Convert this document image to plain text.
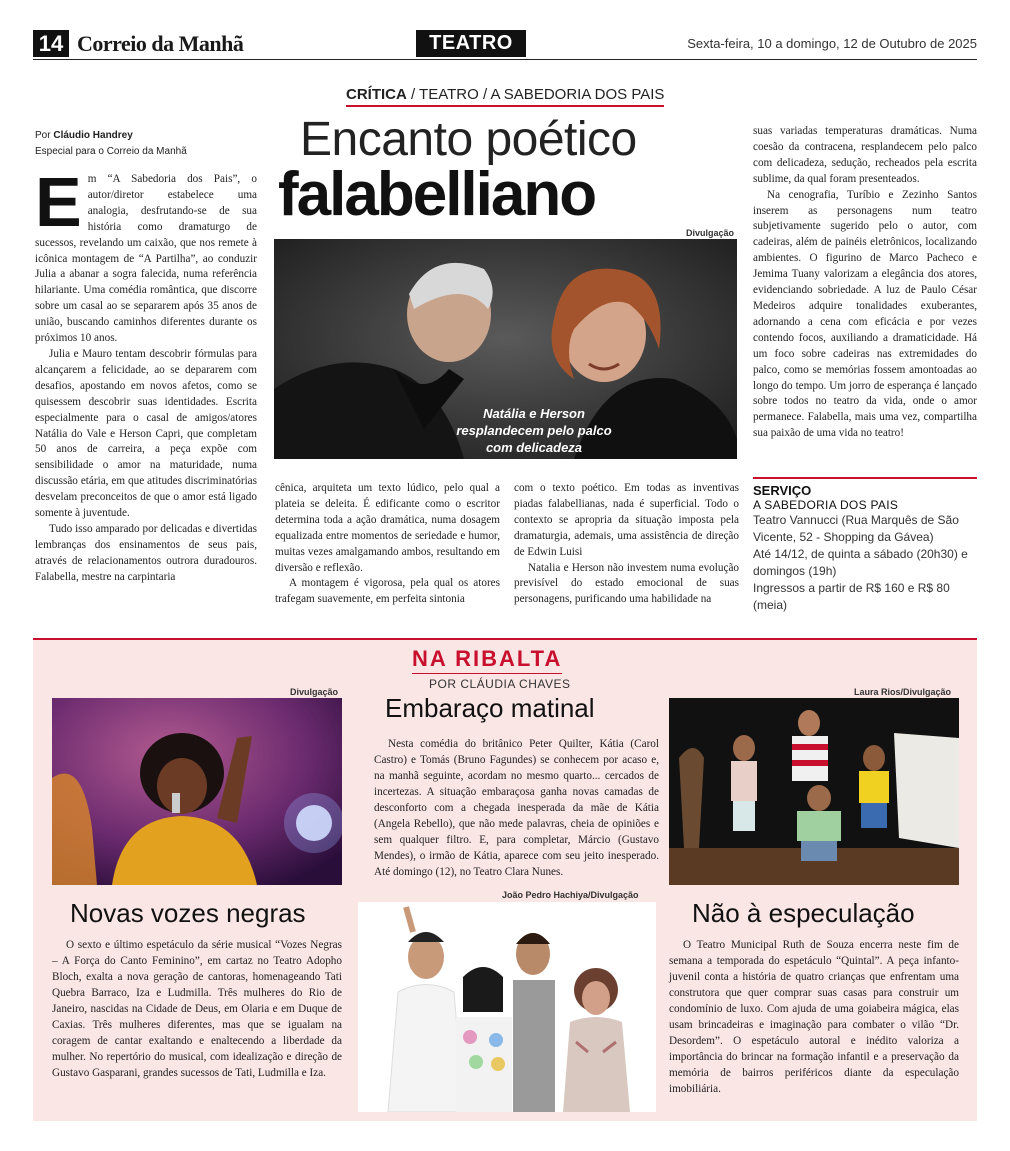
14 Correio da Manhã	TEATRO	Sexta-feira, 10 a domingo, 12 de Outubro de 2025
CRÍTICA / TEATRO / A SABEDORIA DOS PAIS
Encanto poético
falabelliano
Por Cláudio Handrey
Especial para o Correio da Manhã

Em “A Sabedoria dos Pais”, o autor/diretor estabelece uma analogia, desfrutando-se de sua história como dramaturgo de sucessos, revelando um caixão, que nos remete à icônica montagem de “A Partilha”, ao conduzir Julia a abanar a sogra falecida, numa referência hilariante. Uma comédia romântica, que discorre sobre um casal ao se separarem após 35 anos de união, buscando caminhos diferentes durante os próximos 10 anos.

Julia e Mauro tentam descobrir fórmulas para alcançarem a felicidade, ao se depararem com desafios, apostando em novos afetos, como se quisessem descobrir suas identidades. Escrita especialmente para o casal de amigos/atores Natália do Vale e Herson Capri, que completam 50 anos de carreira, a peça expõe com sensibilidade o amor na maturidade, numa discussão etária, em que atitudes discriminatórias desvelam preconceitos de que o amor está ligado somente à juventude.

Tudo isso amparado por delicadas e divertidas lembranças dos ensinamentos de seus pais, através de relacionamentos outrora duradouros. Falabella, mestre na carpintaria

Divulgação
Natália e Herson resplandecem pelo palco com delicadeza

cênica, arquiteta um texto lúdico, pelo qual a plateia se deleita. É edificante como o escritor determina toda a ação dramática, numa dosagem equalizada entre momentos de seriedade e humor, muitas vezes amalgamando ambos, resultando em diversão e reflexão.

A montagem é vigorosa, pela qual os atores trafegam suavemente, em perfeita sintonia

com o texto poético. Em todas as inventivas piadas falabellianas, nada é superficial. Todo o contexto se apropria da situação imposta pela dramaturgia, ademais, uma assistência de direção de Edwin Luisi

Natalia e Herson não investem numa evolução previsível do estado emocional de suas personagens, purificando uma habilidade na

suas variadas temperaturas dramáticas. Numa coesão da contracena, resplandecem pelo palco com delicadeza, sedução, recheados pela escrita sublime, da qual foram presenteados.

Na cenografia, Turíbio e Zezinho Santos inserem as personagens num teatro subjetivamente sugerido pelo o autor, com cadeiras, além de painéis eletrônicos, localizando ambientes. O figurino de Marco Pacheco e Jemima Tuany valorizam a elegância dos atores, evidenciando sobriedade. A luz de Paulo César Medeiros adquire tonalidades exuberantes, adornando a cena com eficácia e por vezes contendo focos, auxiliando a dramaticidade. Há um foco sobre cadeiras nas extremidades do palco, como se memórias fossem amontoadas ao longo do tempo. Um jorro de esperança é lançado sobre todos no teatro da vida, onde o amor permanece. Falabella, mais uma vez, compartilha sua paixão de uma vida no teatro!

SERVIÇO
A SABEDORIA DOS PAIS
Teatro Vannucci (Rua Marquês de São Vicente, 52 - Shopping da Gávea)
Até 14/12, de quinta a sábado (20h30) e domingos (19h)
Ingressos a partir de R$ 160 e R$ 80 (meia)
NA RIBALTA
POR CLÁUDIA CHAVES
Divulgação
Novas vozes negras

O sexto e último espetáculo da série musical “Vozes Negras – A Força do Canto Feminino”, em cartaz no Teatro Adopho Bloch, exalta a nova geração de cantoras, homenageando Tati Quebra Barraco, Iza e Ludmilla. Três mulheres do Rio de Janeiro, nascidas na Cidade de Deus, em Olaria e em Duque de Caxias. Três mulheres diferentes, mas que se igualam na coragem de cantar exaltando e enaltecendo a liberdade da mulher. No repertório do musical, com idealização e direção de Gustavo Gasparani, grandes sucessos de Tati, Ludmilla e Iza.

Embaraço matinal

Nesta comédia do britânico Peter Quilter, Kátia (Carol Castro) e Tomás (Bruno Fagundes) se conhecem por acaso e, na manhã seguinte, acordam no mesmo quarto... cercados de incertezas. A situação embaraçosa ganha novas camadas de desconforto com a chegada inesperada da mãe de Kátia (Angela Rebello), que não mede palavras, cheia de opiniões e sem qualquer filtro. E, para completar, Márcio (Gustavo Mendes), o irmão de Kátia, aparece com seu jeito inesperado. Até domingo (12), no Teatro Clara Nunes.

João Pedro Hachiya/Divulgação
Laura Rios/Divulgação
Não à especulação

O Teatro Municipal Ruth de Souza encerra neste fim de semana a temporada do espetáculo “Quintal”. A peça infanto-juvenil conta a história de quatro crianças que enfrentam uma construtora que quer comprar suas casas para construir um condomínio de luxo. Com ajuda de uma goiabeira mágica, elas usam brincadeiras e imaginação para combater o vilão “Dr. Desordem”. O espetáculo autoral e inédito valoriza a importância do brincar na formação infantil e a preservação da memória de bairros periféricos diante da especulação imobiliária.
